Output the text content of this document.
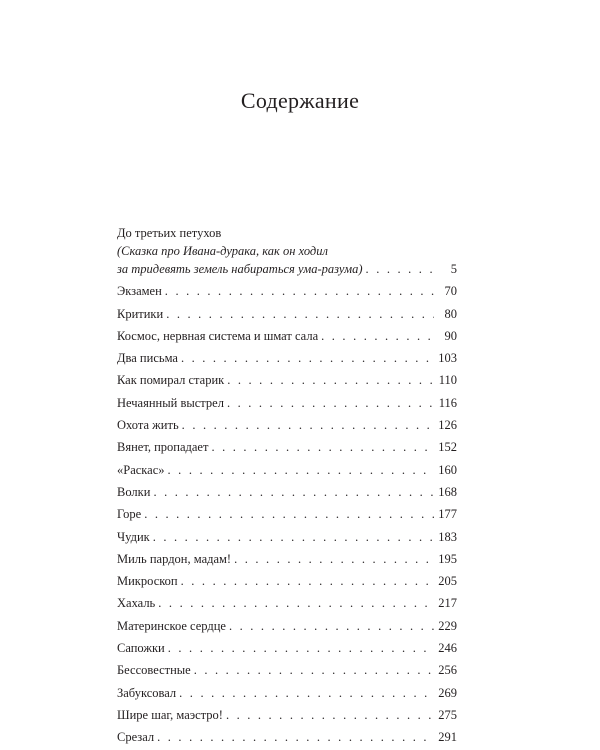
Содержание
До третьих петухов
(Сказка про Ивана-дурака, как он ходил
за тридевять земель набираться ума-разума) . . .	5
Экзамен . . .	70
Критики . . .	80
Космос, нервная система и шмат сала . . .	90
Два письма . . .	103
Как помирал старик . . .	110
Нечаянный выстрел . . .	116
Охота жить . . .	126
Вянет, пропадает . . .	152
«Раскас» . . .	160
Волки . . .	168
Горе . . .	177
Чудик . . .	183
Миль пардон, мадам! . . .	195
Микроскоп . . .	205
Хахаль . . .	217
Материнское сердце . . .	229
Сапожки . . .	246
Бессовестные . . .	256
Забуксовал . . .	269
Шире шаг, маэстро! . . .	275
Срезал . . .	291
